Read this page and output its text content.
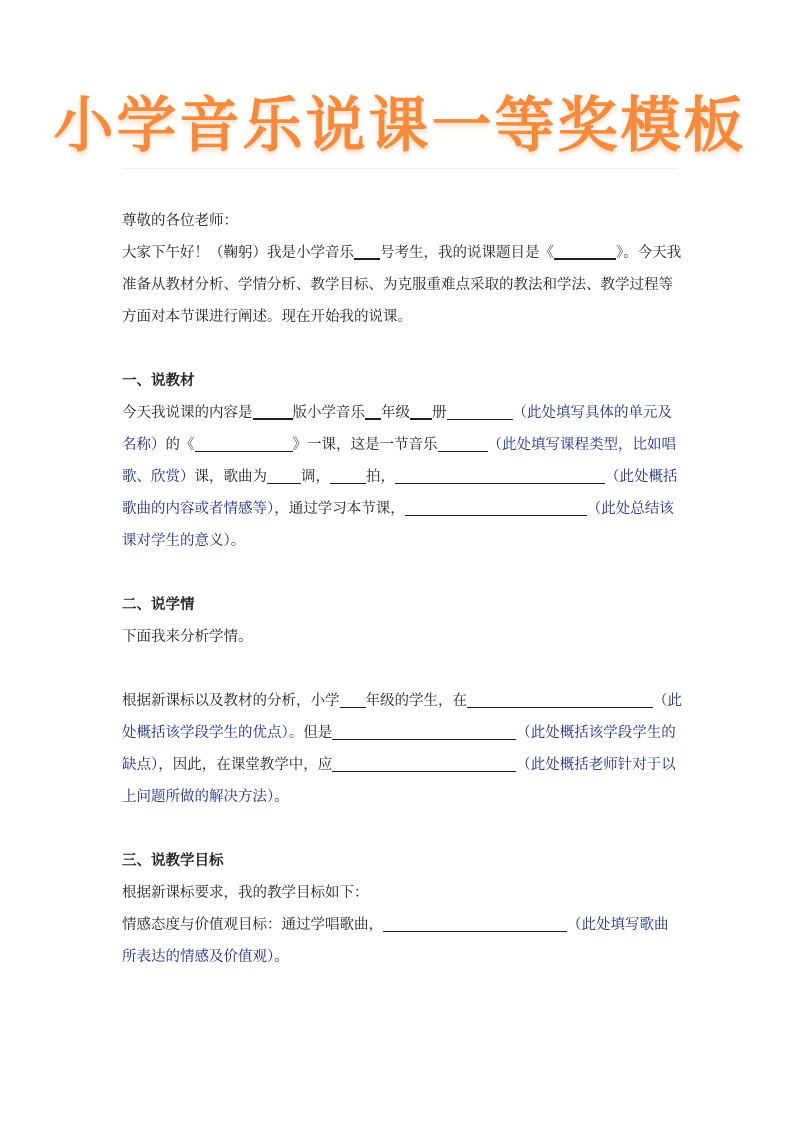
小学音乐说课一等奖模板

尊敬的各位老师：

大家下午好！（鞠躬）我是小学音乐 号考生，我的说课题目是《	》。今天我准备从教材分析、学情分析、教学目标、为克服重难点采取的教法和学法、教学过程等方面对本节课进行阐述。现在开始我的说课。

一、说教材

今天我说课的内容是	版小学音乐 年级 册	（此处填写具体的单元及名称）的《	》一课，这是一节音乐	（此处填写课程类型，比如唱歌、欣赏）课，歌曲为 调， 拍，	（此处概括歌曲的内容或者情感等），通过学习本节课，	（此处总结该课对学生的意义）。

二、说学情

下面我来分析学情。

根据新课标以及教材的分析，小学 年级的学生，在	（此处概括该学段学生的优点）。但是	（此处概括该学段学生的缺点），因此，在课堂教学中，应	（此处概括老师针对于以上问题所做的解决方法）。

三、说教学目标

根据新课标要求，我的教学目标如下：

情感态度与价值观目标：通过学唱歌曲，	（此处填写歌曲所表达的情感及价值观）。
